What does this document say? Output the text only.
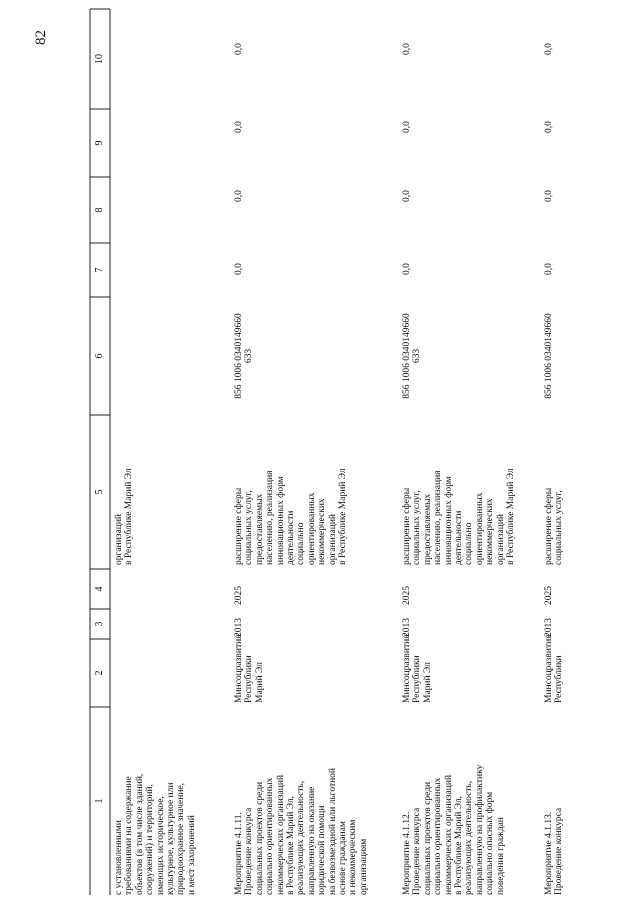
82
1
2
3
4
5
6
7
8
9
10
с установленными
требованиями на содержание
объектов (в том числе зданий,
сооружений) и территорий,
имеющих историческое,
культурное, культурное или
природоохранное значение,
и мест захоронений
организаций
в Республике Марий Эл
Мероприятие 4.1.11.
Проведение конкурса
социальных проектов среди
социально ориентированных
некоммерческих организаций
в Республике Марий Эл,
реализующих деятельность,
направленную на оказание
юридической помощи
на безвозмездной или льготной
основе гражданам
и некоммерческим
организациям
Минсоцразвития
Республики
Марий Эл
2013
2025
расширение сферы
социальных услуг,
предоставляемых
населению, реализация
инновационных форм
деятельности
социально
ориентированных
некоммерческих
организаций
в Республике Марий Эл
856 1006 0340149660
633
0,0
0,0
0,0
0,0
Мероприятие 4.1.12.
Проведение конкурса
социальных проектов среди
социально ориентированных
некоммерческих организаций
в Республике Марий Эл,
реализующих деятельность,
направленную на профилактику
социально опасных форм
поведения граждан
Минсоцразвития
Республики
Марий Эл
2013
2025
расширение сферы
социальных услуг,
предоставляемых
населению, реализация
инновационных форм
деятельности
социально
ориентированных
некоммерческих
организаций
в Республике Марий Эл
856 1006 0340149660
633
0,0
0,0
0,0
0,0
Мероприятие 4.1.13.
Проведение конкурса
Минсоцразвития
Республики
2013
2025
расширение сферы
социальных услуг,
856 1006 0340149660
0,0
0,0
0,0
0,0
